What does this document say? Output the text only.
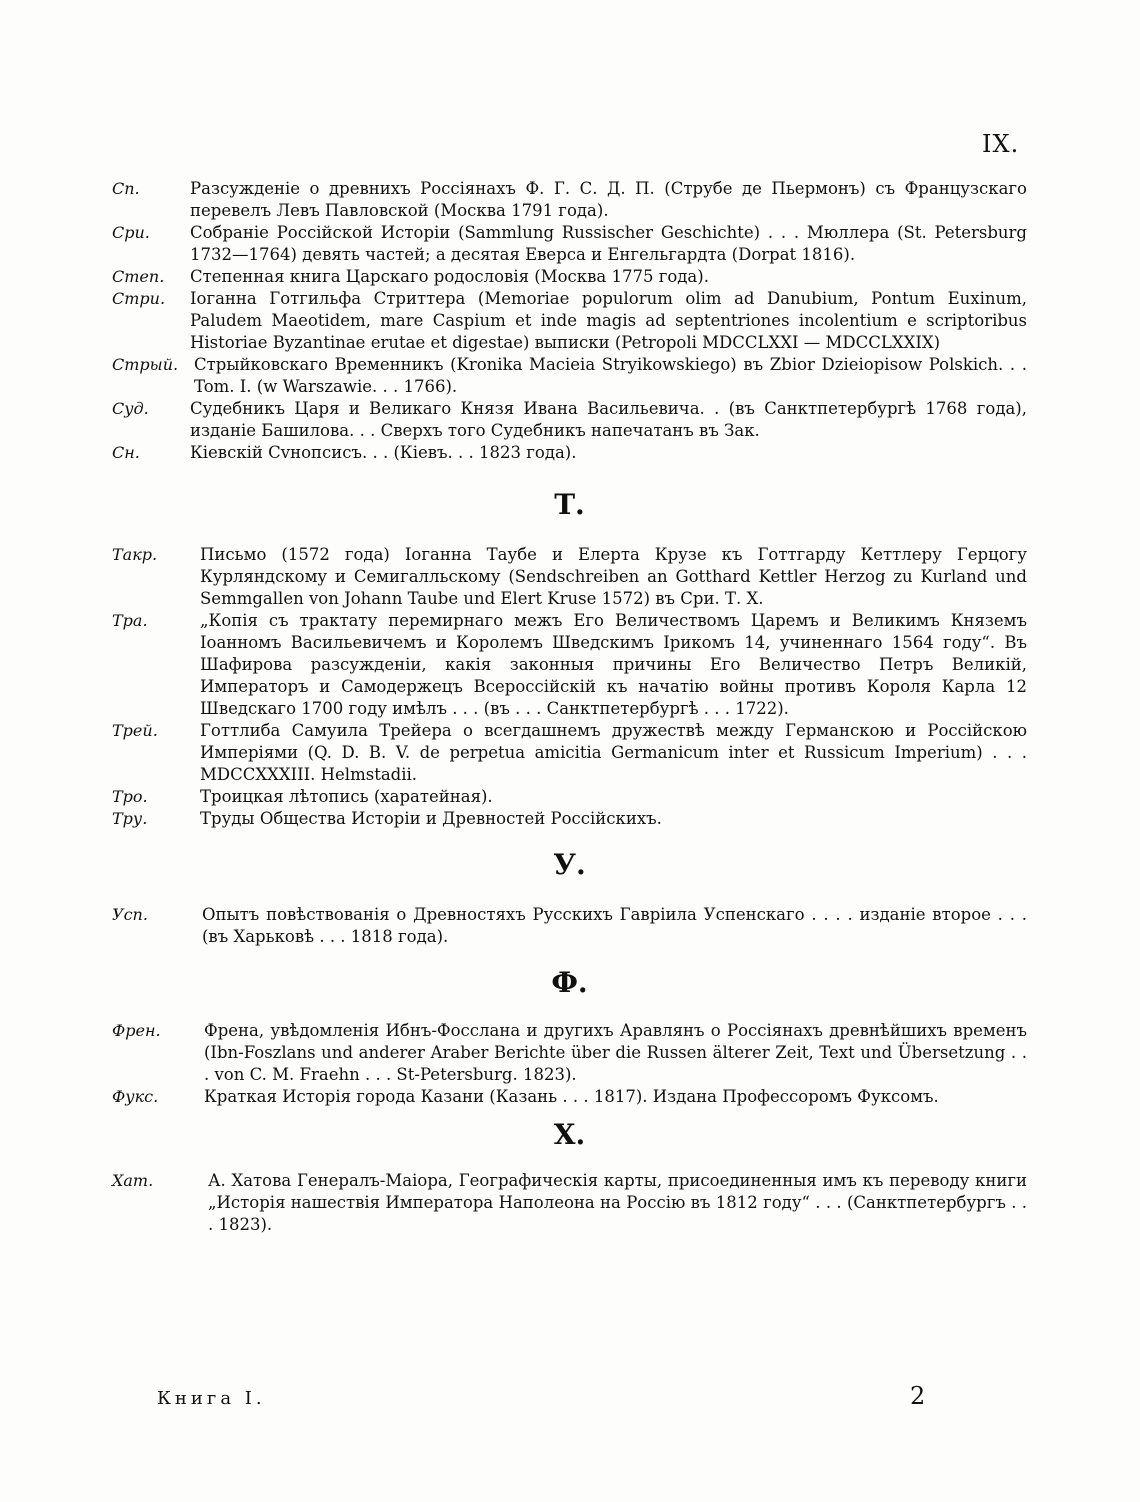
IX.
Сп.	Разсужденіе о древнихъ Россіянахъ Ф. Г. С. Д. П. (Струбе де Пьермонъ) съ Французскаго перевелъ Левъ Павловской (Москва 1791 года).
Сри.	Собраніе Россійской Исторіи (Sammlung Russischer Geschichte) . . . Мюллера (St. Petersburg 1732—1764) девять частей; а десятая Еверса и Енгельгардта (Dorpat 1816).
Степ.	Степенная книга Царскаго родословія (Москва 1775 года).
Стри.	Іоганна Готгильфа Стриттера (Memoriae populorum olim ad Danubium, Pontum Euxinum, Paludem Maeotidem, mare Caspium et inde magis ad septentriones incolentium e scriptoribus Historiae Byzantinae erutae et digestae) выписки (Petropoli MDCCLXXI — MDCCLXXIX)
Стрый. Стрыйковскаго Временникъ (Kronika Macieia Stryikowskiego) въ Zbior Dzieiopisow Polskich. . . Tom. I. (w Warszawie. . . 1766).
Суд.	Судебникъ Царя и Великаго Князя Ивана Васильевича. . (въ Санктпетербургѣ 1768 года), изданіе Башилова. . . Сверхъ того Судебникъ напечатанъ въ Зак.
Сн.	Кіевскій Сvнопсисъ. . . (Кіевъ. . . 1823 года).
Т.
Такр.	Письмо (1572 года) Іоганна Таубе и Елерта Крузе къ Готтгарду Кеттлеру Герцогу Курляндскому и Семигалльскому (Sendschreiben an Gotthard Kettler Herzog zu Kurland und Semmgallen von Johann Taube und Elert Kruse 1572) въ Сри. Т. X.
Тра.	„Копія съ трактату перемирнаго межъ Его Величествомъ Царемъ и Великимъ Княземъ Іоанномъ Васильевичемъ и Королемъ Шведскимъ Ірикомъ 14, учиненнаго 1564 году“. Въ Шафирова разсужденіи, какія законныя причины Его Величество Петръ Великій, Императоръ и Самодержецъ Всероссійскій къ начатію войны противъ Короля Карла 12 Шведскаго 1700 году имѣлъ . . . (въ . . . Санктпетербургѣ . . . 1722).
Трей.	Готтлиба Самуила Трейера о всегдашнемъ дружествѣ между Германскою и Россійскою Имперіями (Q. D. B. V. de perpetua amicitia Germanicum inter et Russicum Imperium) . . . MDCCXXXIII. Helmstadii.
Тро.	Троицкая лѣтопись (харатейная).
Тру.	Труды Общества Исторіи и Древностей Россійскихъ.
У.
Усп.	Опытъ повѣствованія о Древностяхъ Русскихъ Гавріила Успенскаго . . . . изданіе второе . . . (въ Харьковѣ . . . 1818 года).
Ф.
Френ.	Френа, увѣдомленія Ибнъ-Фосслана и другихъ Аравлянъ о Россіянахъ древнѣйшихъ временъ (Ibn-Foszlans und anderer Araber Berichte über die Russen älterer Zeit, Text und Übersetzung . . . von C. M. Fraehn . . . St-Petersburg. 1823).
Фукс.	Краткая Исторія города Казани (Казань . . . 1817). Издана Профессоромъ Фуксомъ.
Х.
Хат.	А. Хатова Генералъ-Маіора, Географическія карты, присоединенныя имъ къ переводу книги „Исторія нашествія Императора Наполеона на Россію въ 1812 году“ . . . (Санктпетербургъ . . . 1823).
Книга I.	2
